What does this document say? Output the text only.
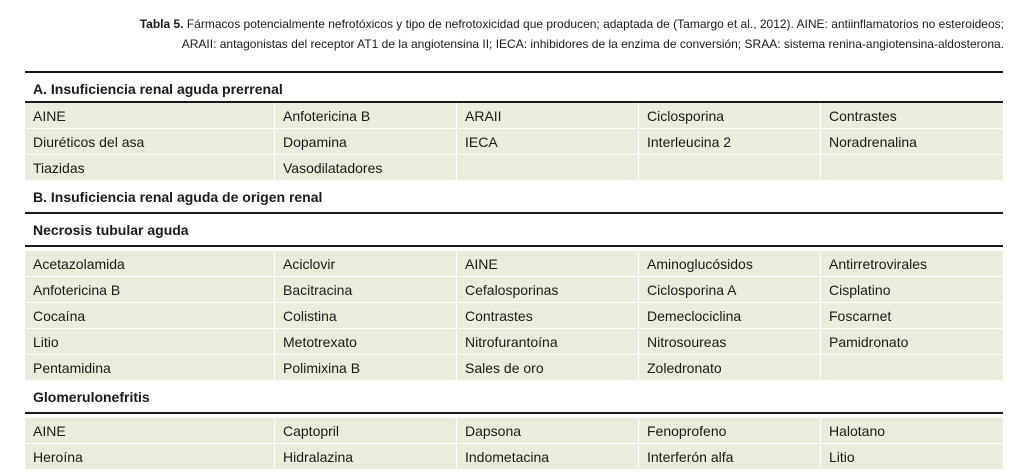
Tabla 5. Fármacos potencialmente nefrotóxicos y tipo de nefrotoxicidad que producen; adaptada de (Tamargo et al., 2012). AINE: antiinflamatorios no esteroideos;
ARAII: antagonistas del receptor AT1 de la angiotensina II; IECA: inhibidores de la enzima de conversión; SRAA: sistema renina-angiotensina-aldosterona.
A. Insuficiencia renal aguda prerrenal
AINE	Anfotericina B	ARAII	Ciclosporina	Contrastes
Diuréticos del asa	Dopamina	IECA	Interleucina 2	Noradrenalina
Tiazidas	Vasodilatadores
B. Insuficiencia renal aguda de origen renal
Necrosis tubular aguda
Acetazolamida	Aciclovir	AINE	Aminoglucósidos	Antirretrovirales
Anfotericina B	Bacitracina	Cefalosporinas	Ciclosporina A	Cisplatino
Cocaína	Colistina	Contrastes	Demeclociclina	Foscarnet
Litio	Metotrexato	Nitrofurantoína	Nitrosoureas	Pamidronato
Pentamidina	Polimixina B	Sales de oro	Zoledronato
Glomerulonefritis
AINE	Captopril	Dapsona	Fenoprofeno	Halotano
Heroína	Hidralazina	Indometacina	Interferón alfa	Litio
